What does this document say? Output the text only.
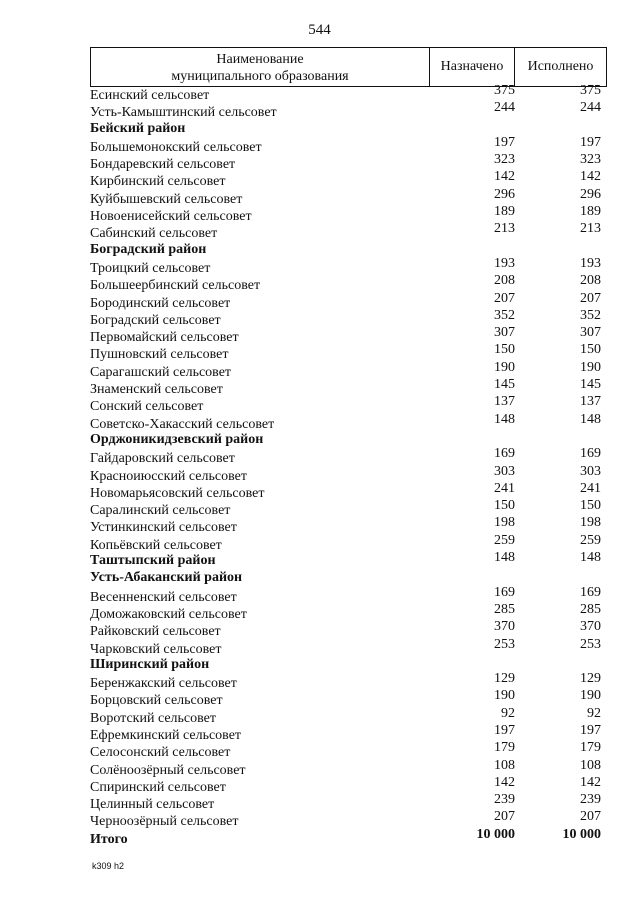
544
Наименование
муниципального образования
Назначено	Исполнено
Есинский сельсовет	375	375
Усть-Камыштинский сельсовет	244	244
Бейский район
Большемонокский сельсовет	197	197
Бондаревский сельсовет	323	323
Кирбинский сельсовет	142	142
Куйбышевский сельсовет	296	296
Новоенисейский сельсовет	189	189
Сабинский сельсовет	213	213
Боградский район
Троицкий сельсовет	193	193
Большеербинский сельсовет	208	208
Бородинский сельсовет	207	207
Боградский сельсовет	352	352
Первомайский сельсовет	307	307
Пушновский сельсовет	150	150
Сарагашский сельсовет	190	190
Знаменский сельсовет	145	145
Сонский сельсовет	137	137
Советско-Хакасский сельсовет	148	148
Орджоникидзевский район
Гайдаровский сельсовет	169	169
Красноиюсский сельсовет	303	303
Новомарьясовский сельсовет	241	241
Саралинский сельсовет	150	150
Устинкинский сельсовет	198	198
Копьёвский сельсовет	259	259
Таштыпский район	148	148
Усть-Абаканский район
Весенненский сельсовет	169	169
Доможаковский сельсовет	285	285
Райковский сельсовет	370	370
Чарковский сельсовет	253	253
Ширинский район
Беренжакский сельсовет	129	129
Борцовский сельсовет	190	190
Воротский сельсовет	92	92
Ефремкинский сельсовет	197	197
Селосонский сельсовет	179	179
Солёноозёрный сельсовет	108	108
Спиринский сельсовет	142	142
Целинный сельсовет	239	239
Черноозёрный сельсовет	207	207
Итого	10 000	10 000
k309 h2
